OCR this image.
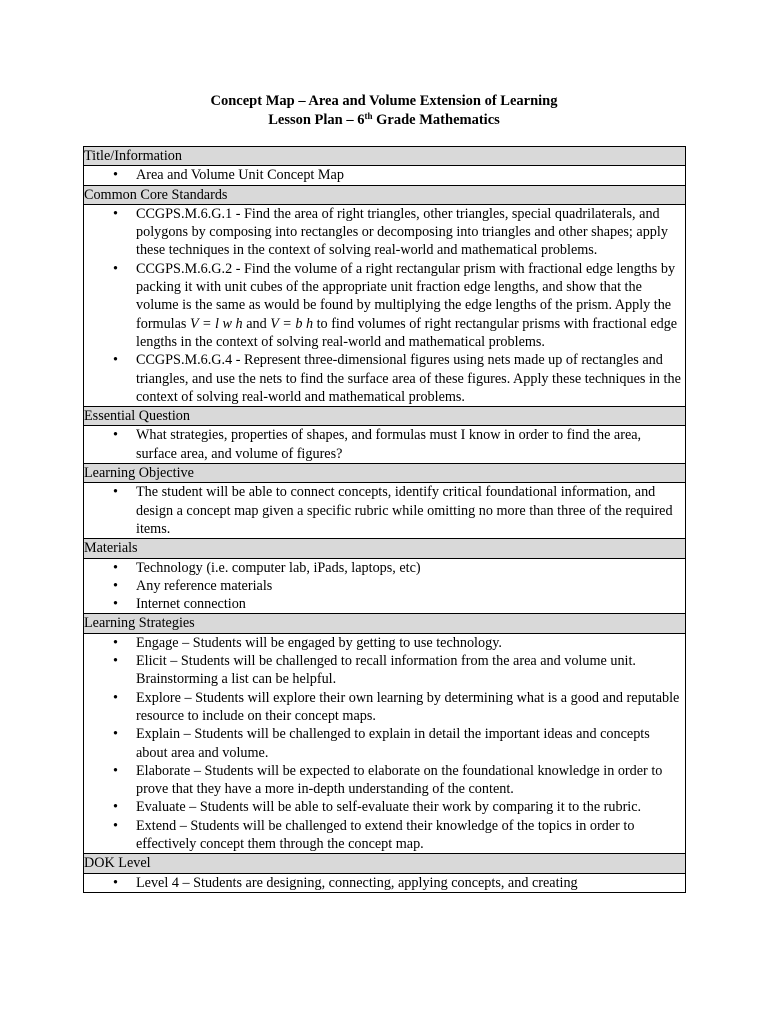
Concept Map – Area and Volume Extension of Learning
Lesson Plan – 6th Grade Mathematics
Title/Information

• Area and Volume Unit Concept Map

Common Core Standards

• CCGPS.M.6.G.1 - Find the area of right triangles, other triangles, special quadrilaterals, and polygons by composing into rectangles or decomposing into triangles and other shapes; apply these techniques in the context of solving real-world and mathematical problems.
• CCGPS.M.6.G.2 - Find the volume of a right rectangular prism with fractional edge lengths by packing it with unit cubes of the appropriate unit fraction edge lengths, and show that the volume is the same as would be found by multiplying the edge lengths of the prism. Apply the formulas V = l w h and V = b h to find volumes of right rectangular prisms with fractional edge lengths in the context of solving real-world and mathematical problems.
• CCGPS.M.6.G.4 - Represent three-dimensional figures using nets made up of rectangles and triangles, and use the nets to find the surface area of these figures. Apply these techniques in the context of solving real-world and mathematical problems.

Essential Question

• What strategies, properties of shapes, and formulas must I know in order to find the area, surface area, and volume of figures?

Learning Objective

• The student will be able to connect concepts, identify critical foundational information, and design a concept map given a specific rubric while omitting no more than three of the required items.

Materials

• Technology (i.e. computer lab, iPads, laptops, etc)
• Any reference materials
• Internet connection

Learning Strategies

• Engage – Students will be engaged by getting to use technology.
• Elicit – Students will be challenged to recall information from the area and volume unit. Brainstorming a list can be helpful.
• Explore – Students will explore their own learning by determining what is a good and reputable resource to include on their concept maps.
• Explain – Students will be challenged to explain in detail the important ideas and concepts about area and volume.
• Elaborate – Students will be expected to elaborate on the foundational knowledge in order to prove that they have a more in-depth understanding of the content.
• Evaluate – Students will be able to self-evaluate their work by comparing it to the rubric.
• Extend – Students will be challenged to extend their knowledge of the topics in order to effectively concept them through the concept map.

DOK Level

• Level 4 – Students are designing, connecting, applying concepts, and creating
